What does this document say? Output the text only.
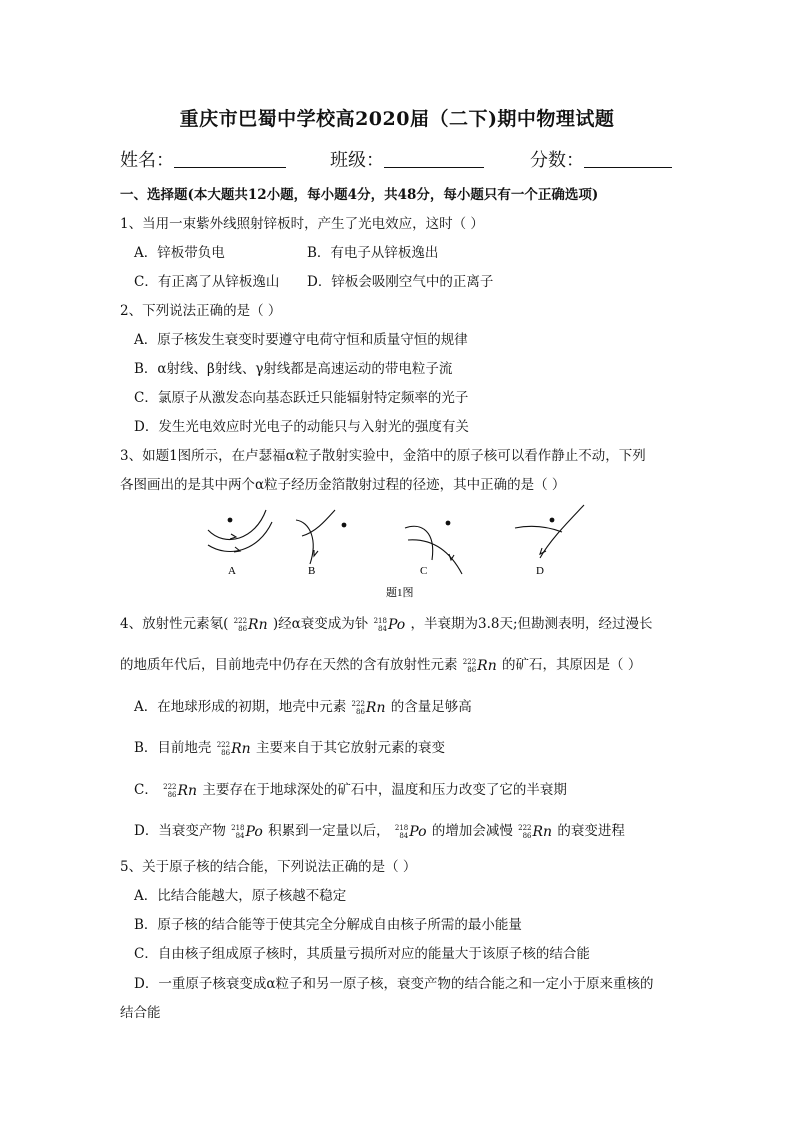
重庆市巴蜀中学校高2020届（二下)期中物理试题
姓名：	班级：	分数：
一、选择题(本大题共12小题，每小题4分，共48分，每小题只有一个正确选项)
1、当用一束紫外线照射锌板时，产生了光电效应，这时（ ）
A．锌板带负电	B．有电子从锌板逸出
C．有正离了从锌板逸山 D．锌板会吸刚空气中的正离子
2、下列说法正确的是（ ）
A．原子核发生衰变时要遵守电荷守恒和质量守恒的规律
B．α射线、β射线、γ射线都是高速运动的带电粒子流
C．氯原子从激发态向基态跃迁只能辐射特定频率的光子
D．发生光电效应时光电子的动能只与入射光的强度有关
3、如题1图所示，在卢瑟福α粒子散射实验中，金箔中的原子核可以看作静止不动，下列
各图画出的是其中两个α粒子经历金箔散射过程的径迹，其中正确的是（ ）
A	B	C	D
题1图
4、放射性元素氡( 222
86 Rn )经α衰变成为钋 218
84 Po ，半衰期为3.8天;但勘测表明，经过漫长
的地质年代后，目前地壳中仍存在天然的含有放射性元素 222
86 Rn 的矿石，其原因是（ ）
A．在地球形成的初期，地壳中元素 222
86 Rn 的含量足够高
B．目前地壳 222
86 Rn 主要来自于其它放射元素的衰变
C． 222
86 Rn 主要存在于地球深处的矿石中，温度和压力改变了它的半衰期
D．当衰变产物 218
84 Po 积累到一定量以后， 218
84 Po 的增加会减慢 222
86 Rn 的衰变进程
5、关于原子核的结合能，下列说法正确的是（ ）
A．比结合能越大，原子核越不稳定
B．原子核的结合能等于使其完全分解成自由核子所需的最小能量
C．自由核子组成原子核时，其质量亏损所对应的能量大于该原子核的结合能
D．一重原子核衰变成α粒子和另一原子核，衰变产物的结合能之和一定小于原来重核的
结合能
